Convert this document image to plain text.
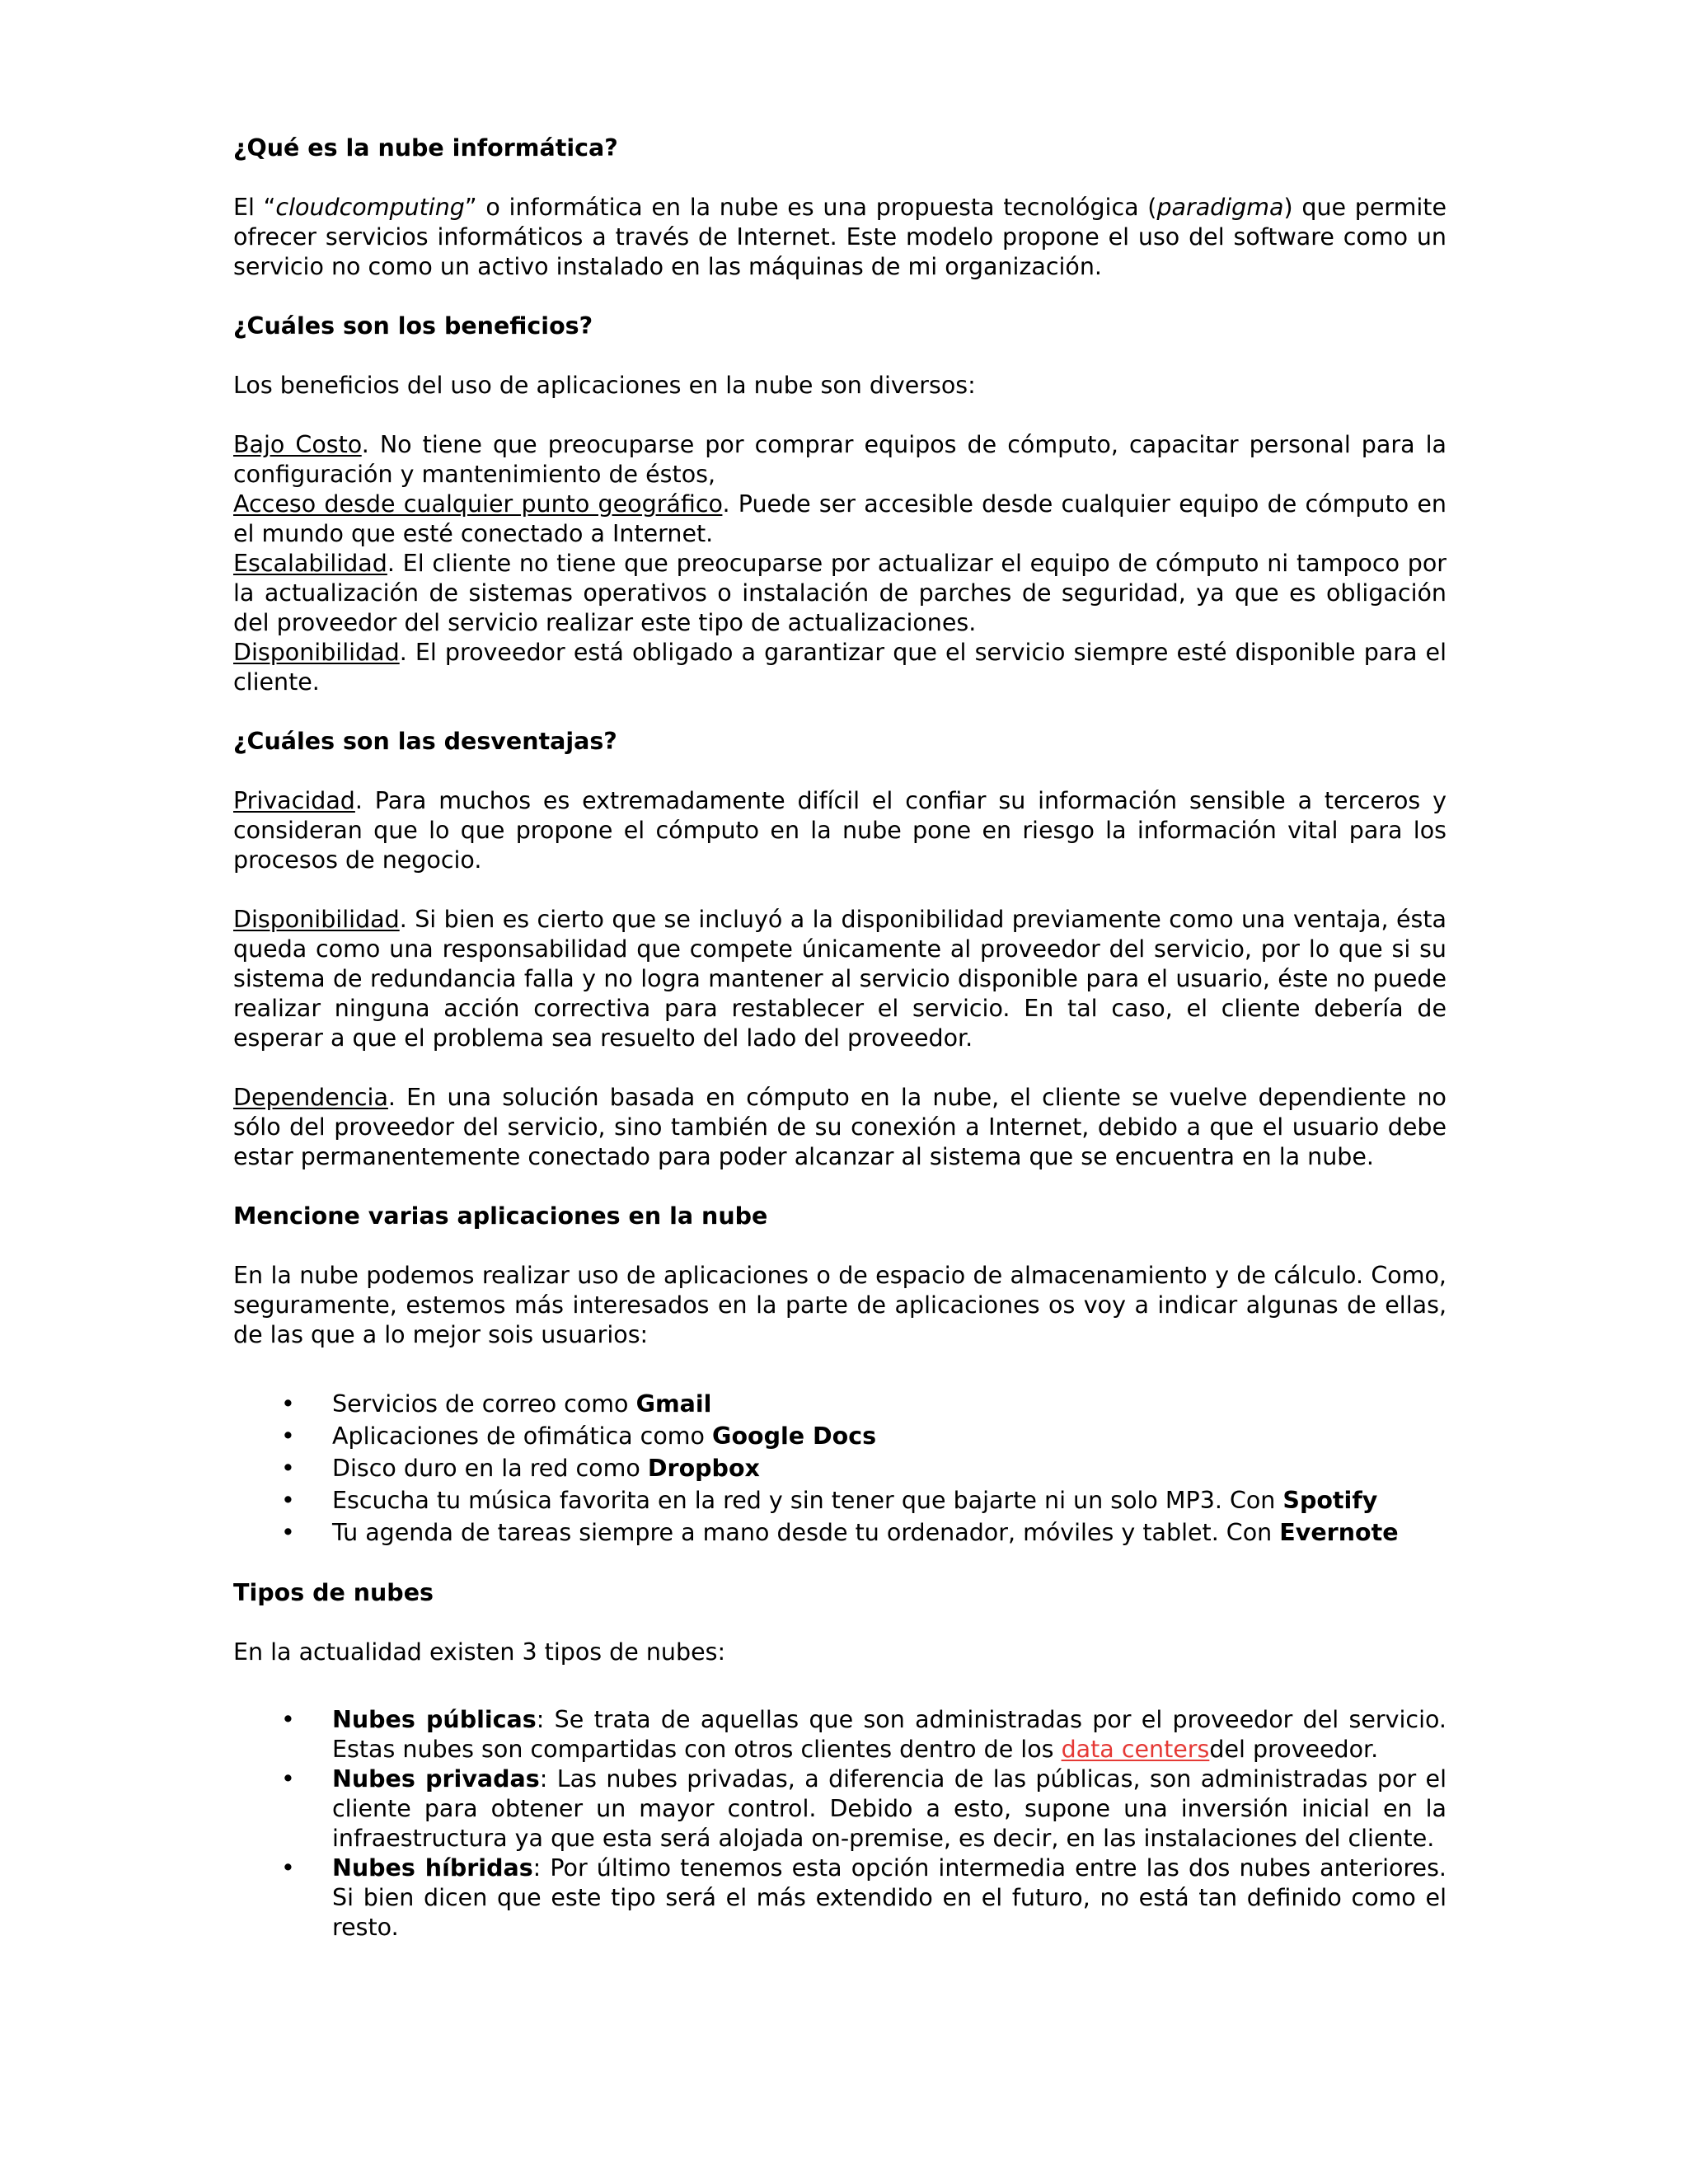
¿Qué es la nube informática?

El “cloudcomputing” o informática en la nube es una propuesta tecnológica (paradigma) que permite ofrecer servicios informáticos a través de Internet. Este modelo propone el uso del software como un servicio no como un activo instalado en las máquinas de mi organización.

¿Cuáles son los beneficios?

Los beneficios del uso de aplicaciones en la nube son diversos:

Bajo Costo. No tiene que preocuparse por comprar equipos de cómputo, capacitar personal para la configuración y mantenimiento de éstos,

Acceso desde cualquier punto geográfico. Puede ser accesible desde cualquier equipo de cómputo en el mundo que esté conectado a Internet.

Escalabilidad. El cliente no tiene que preocuparse por actualizar el equipo de cómputo ni tampoco por la actualización de sistemas operativos o instalación de parches de seguridad, ya que es obligación del proveedor del servicio realizar este tipo de actualizaciones.

Disponibilidad. El proveedor está obligado a garantizar que el servicio siempre esté disponible para el cliente.

¿Cuáles son las desventajas?

Privacidad. Para muchos es extremadamente difícil el confiar su información sensible a terceros y consideran que lo que propone el cómputo en la nube pone en riesgo la información vital para los procesos de negocio.

Disponibilidad. Si bien es cierto que se incluyó a la disponibilidad previamente como una ventaja, ésta queda como una responsabilidad que compete únicamente al proveedor del servicio, por lo que si su sistema de redundancia falla y no logra mantener al servicio disponible para el usuario, éste no puede realizar ninguna acción correctiva para restablecer el servicio. En tal caso, el cliente debería de esperar a que el problema sea resuelto del lado del proveedor.

Dependencia. En una solución basada en cómputo en la nube, el cliente se vuelve dependiente no sólo del proveedor del servicio, sino también de su conexión a Internet, debido a que el usuario debe estar permanentemente conectado para poder alcanzar al sistema que se encuentra en la nube.

Mencione varias aplicaciones en la nube

En la nube podemos realizar uso de aplicaciones o de espacio de almacenamiento y de cálculo. Como, seguramente, estemos más interesados en la parte de aplicaciones os voy a indicar algunas de ellas, de las que a lo mejor sois usuarios:

• Servicios de correo como Gmail
• Aplicaciones de ofimática como Google Docs
• Disco duro en la red como Dropbox
• Escucha tu música favorita en la red y sin tener que bajarte ni un solo MP3. Con Spotify
• Tu agenda de tareas siempre a mano desde tu ordenador, móviles y tablet. Con Evernote
Tipos de nubes

En la actualidad existen 3 tipos de nubes:

• Nubes públicas: Se trata de aquellas que son administradas por el proveedor del servicio. Estas nubes son compartidas con otros clientes dentro de los data centersdel proveedor.
• Nubes privadas: Las nubes privadas, a diferencia de las públicas, son administradas por el cliente para obtener un mayor control. Debido a esto, supone una inversión inicial en la infraestructura ya que esta será alojada on-premise, es decir, en las instalaciones del cliente.
• Nubes híbridas: Por último tenemos esta opción intermedia entre las dos nubes anteriores. Si bien dicen que este tipo será el más extendido en el futuro, no está tan definido como el resto.
